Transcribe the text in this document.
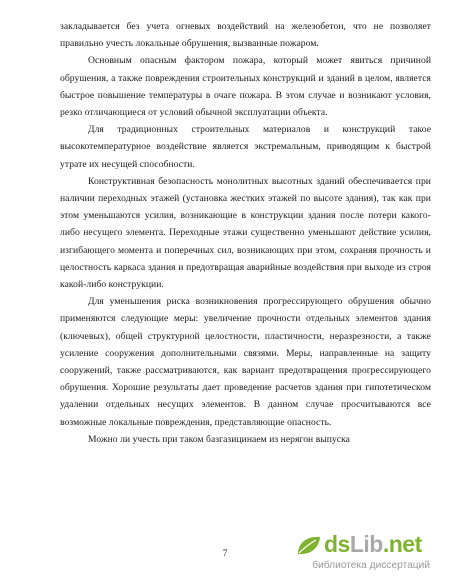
закладывается без учета огневых воздействий на железобетон, что не позволяет правильно учесть локальные обрушения, вызванные пожаром.

Основным опасным фактором пожара, который может явиться причиной обрушения, а также повреждения строительных конструкций и зданий в целом, является быстрое повышение температуры в очаге пожара. В этом случае и возникают условия, резко отличающиеся от условий обычной эксплуатации объекта.

Для традиционных строительных материалов и конструкций такое высокотемпературное воздействие является экстремальным, приводящим к быстрой утрате их несущей способности.

Конструктивная безопасность монолитных высотных зданий обеспечивается при наличии переходных этажей (установка жестких этажей по высоте здания), так как при этом уменьшаются усилия, возникающие в конструкции здания после потери какого-либо несущего элемента. Переходные этажи существенно уменьшают действие усилия, изгибающего момента и поперечных сил, возникающих при этом, сохраняя прочность и целостность каркаса здания и предотвращая аварийные воздействия при выходе из строя какой-либо конструкции.

Для уменьшения риска возникновения прогрессирующего обрушения обычно применяются следующие меры: увеличение прочности отдельных элементов здания (ключевых), общей структурной целостности, пластичности, неразрезности, а также усиление сооружения дополнительными связями. Меры, направленные на защиту сооружений, также рассматриваются, как вариант предотвращения прогрессирующего обрушения. Хорошие результаты дает проведение расчетов здания при гипотетическом удалении отдельных несущих элементов. В данном случае просчитываются все возможные локальные повреждения, представляющие опасность.

Можно ли учесть при таком базгазицинаем из нерягон выпуска

7	dsLib.net
библиотека диссертаций
